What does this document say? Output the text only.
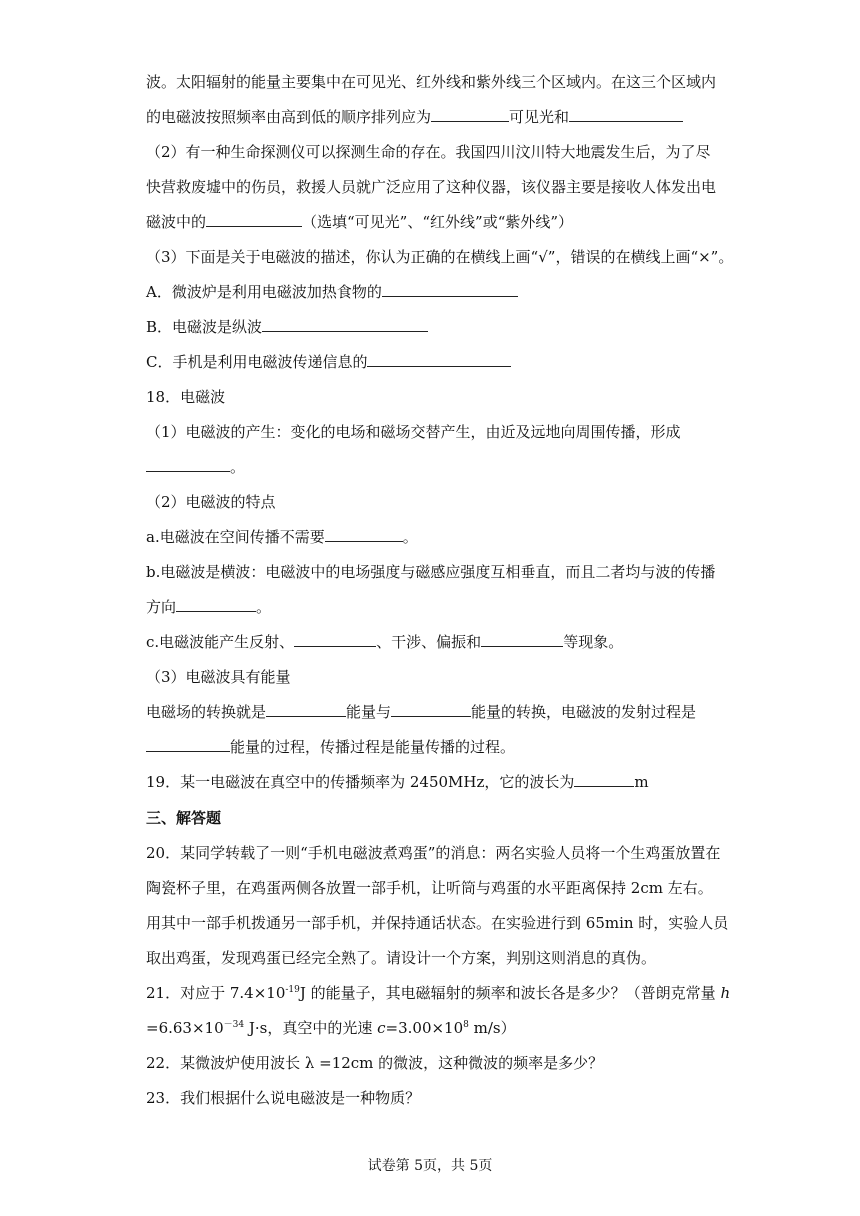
波。太阳辐射的能量主要集中在可见光、红外线和紫外线三个区域内。在这三个区域内
的电磁波按照频率由高到低的顺序排列应为	可见光和
（2）有一种生命探测仪可以探测生命的存在。我国四川汶川特大地震发生后，为了尽
快营救废墟中的伤员，救援人员就广泛应用了这种仪器，该仪器主要是接收人体发出电
磁波中的	（选填“可见光”、“红外线”或“紫外线”）
（3）下面是关于电磁波的描述，你认为正确的在横线上画“√”，错误的在横线上画“×”。
A．微波炉是利用电磁波加热食物的
B．电磁波是纵波
C．手机是利用电磁波传递信息的
18．电磁波
（1）电磁波的产生：变化的电场和磁场交替产生，由近及远地向周围传播，形成
。
（2）电磁波的特点
a.电磁波在空间传播不需要	。
b.电磁波是横波：电磁波中的电场强度与磁感应强度互相垂直，而且二者均与波的传播
方向	。
c.电磁波能产生反射、	、干涉、偏振和	等现象。
（3）电磁波具有能量
电磁场的转换就是	能量与	能量的转换，电磁波的发射过程是
能量的过程，传播过程是能量传播的过程。
19．某一电磁波在真空中的传播频率为 2450MHz，它的波长为	m
三、解答题
20．某同学转载了一则“手机电磁波煮鸡蛋”的消息：两名实验人员将一个生鸡蛋放置在
陶瓷杯子里，在鸡蛋两侧各放置一部手机，让听筒与鸡蛋的水平距离保持 2cm 左右。
用其中一部手机拨通另一部手机，并保持通话状态。在实验进行到 65min 时，实验人员
取出鸡蛋，发现鸡蛋已经完全熟了。请设计一个方案，判别这则消息的真伪。
21．对应于 $7.4\times 10^{-19}J$ 的能量子，其电磁辐射的频率和波长各是多少？（普朗克常量 h
$=6.63\times 10^{-34}$ J·s，真空中的光速 $c=3.00\times 10^8$ m/s）
22．某微波炉使用波长 λ =12cm 的微波，这种微波的频率是多少？
23．我们根据什么说电磁波是一种物质？
试卷第 5页，共 5页
